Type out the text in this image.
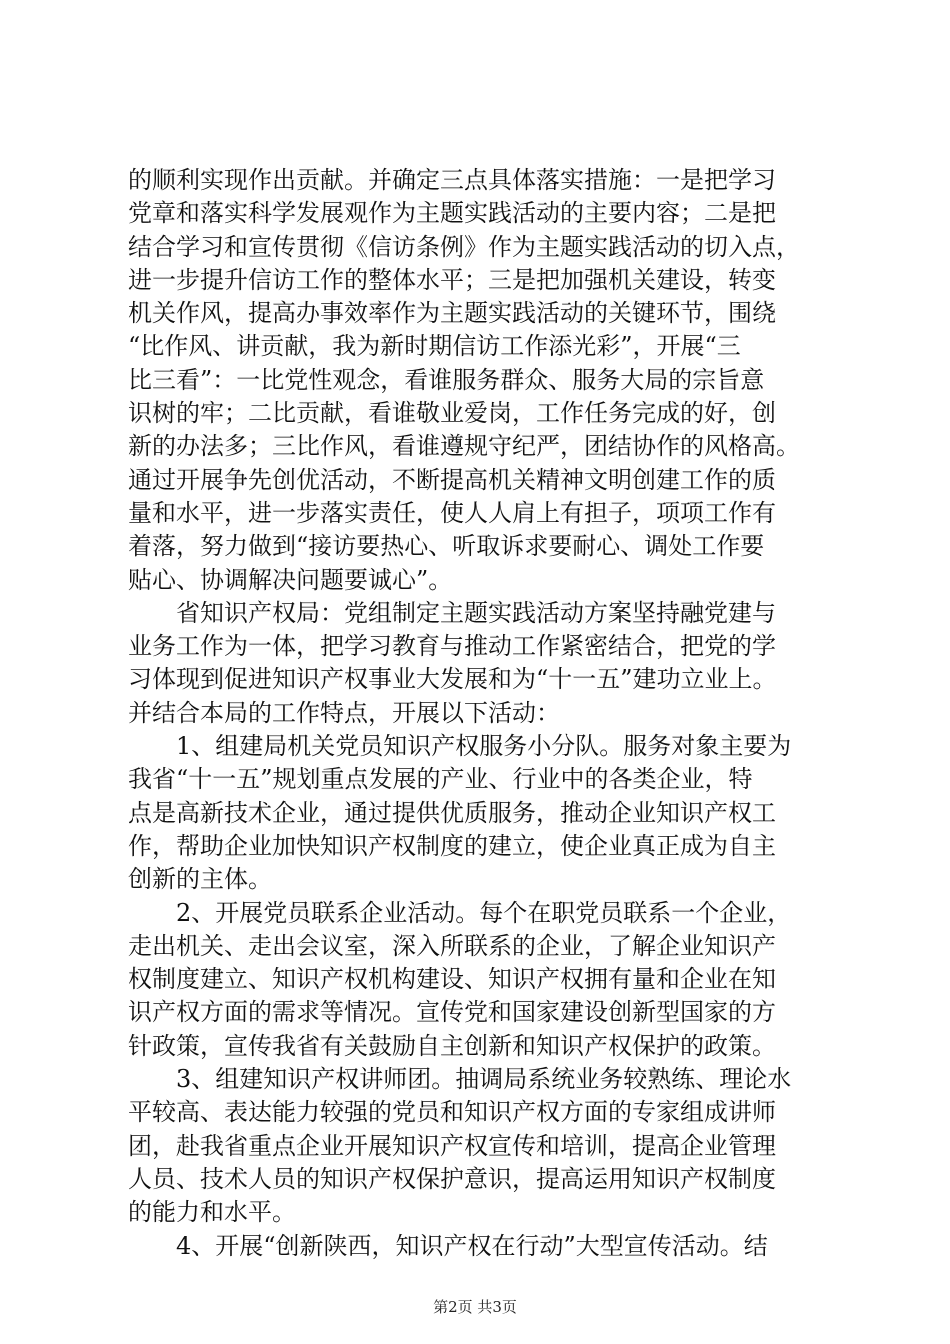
的顺利实现作出贡献。并确定三点具体落实措施：一是把学习
党章和落实科学发展观作为主题实践活动的主要内容；二是把
结合学习和宣传贯彻《信访条例》作为主题实践活动的切入点，
进一步提升信访工作的整体水平；三是把加强机关建设，转变
机关作风，提高办事效率作为主题实践活动的关键环节，围绕
“比作风、讲贡献，我为新时期信访工作添光彩”，开展“三
比三看”：一比党性观念，看谁服务群众、服务大局的宗旨意
识树的牢；二比贡献，看谁敬业爱岗，工作任务完成的好，创
新的办法多；三比作风，看谁遵规守纪严，团结协作的风格高。
通过开展争先创优活动，不断提高机关精神文明创建工作的质
量和水平，进一步落实责任，使人人肩上有担子，项项工作有
着落，努力做到“接访要热心、听取诉求要耐心、调处工作要
贴心、协调解决问题要诚心”。
　　省知识产权局：党组制定主题实践活动方案坚持融党建与
业务工作为一体，把学习教育与推动工作紧密结合，把党的学
习体现到促进知识产权事业大发展和为“十一五”建功立业上。
并结合本局的工作特点，开展以下活动：
　　1、组建局机关党员知识产权服务小分队。服务对象主要为
我省“十一五”规划重点发展的产业、行业中的各类企业，特
点是高新技术企业，通过提供优质服务，推动企业知识产权工
作，帮助企业加快知识产权制度的建立，使企业真正成为自主
创新的主体。
　　2、开展党员联系企业活动。每个在职党员联系一个企业，
走出机关、走出会议室，深入所联系的企业，了解企业知识产
权制度建立、知识产权机构建设、知识产权拥有量和企业在知
识产权方面的需求等情况。宣传党和国家建设创新型国家的方
针政策，宣传我省有关鼓励自主创新和知识产权保护的政策。
　　3、组建知识产权讲师团。抽调局系统业务较熟练、理论水
平较高、表达能力较强的党员和知识产权方面的专家组成讲师
团，赴我省重点企业开展知识产权宣传和培训，提高企业管理
人员、技术人员的知识产权保护意识，提高运用知识产权制度
的能力和水平。
　　4、开展“创新陕西，知识产权在行动”大型宣传活动。结
第2页 共3页
